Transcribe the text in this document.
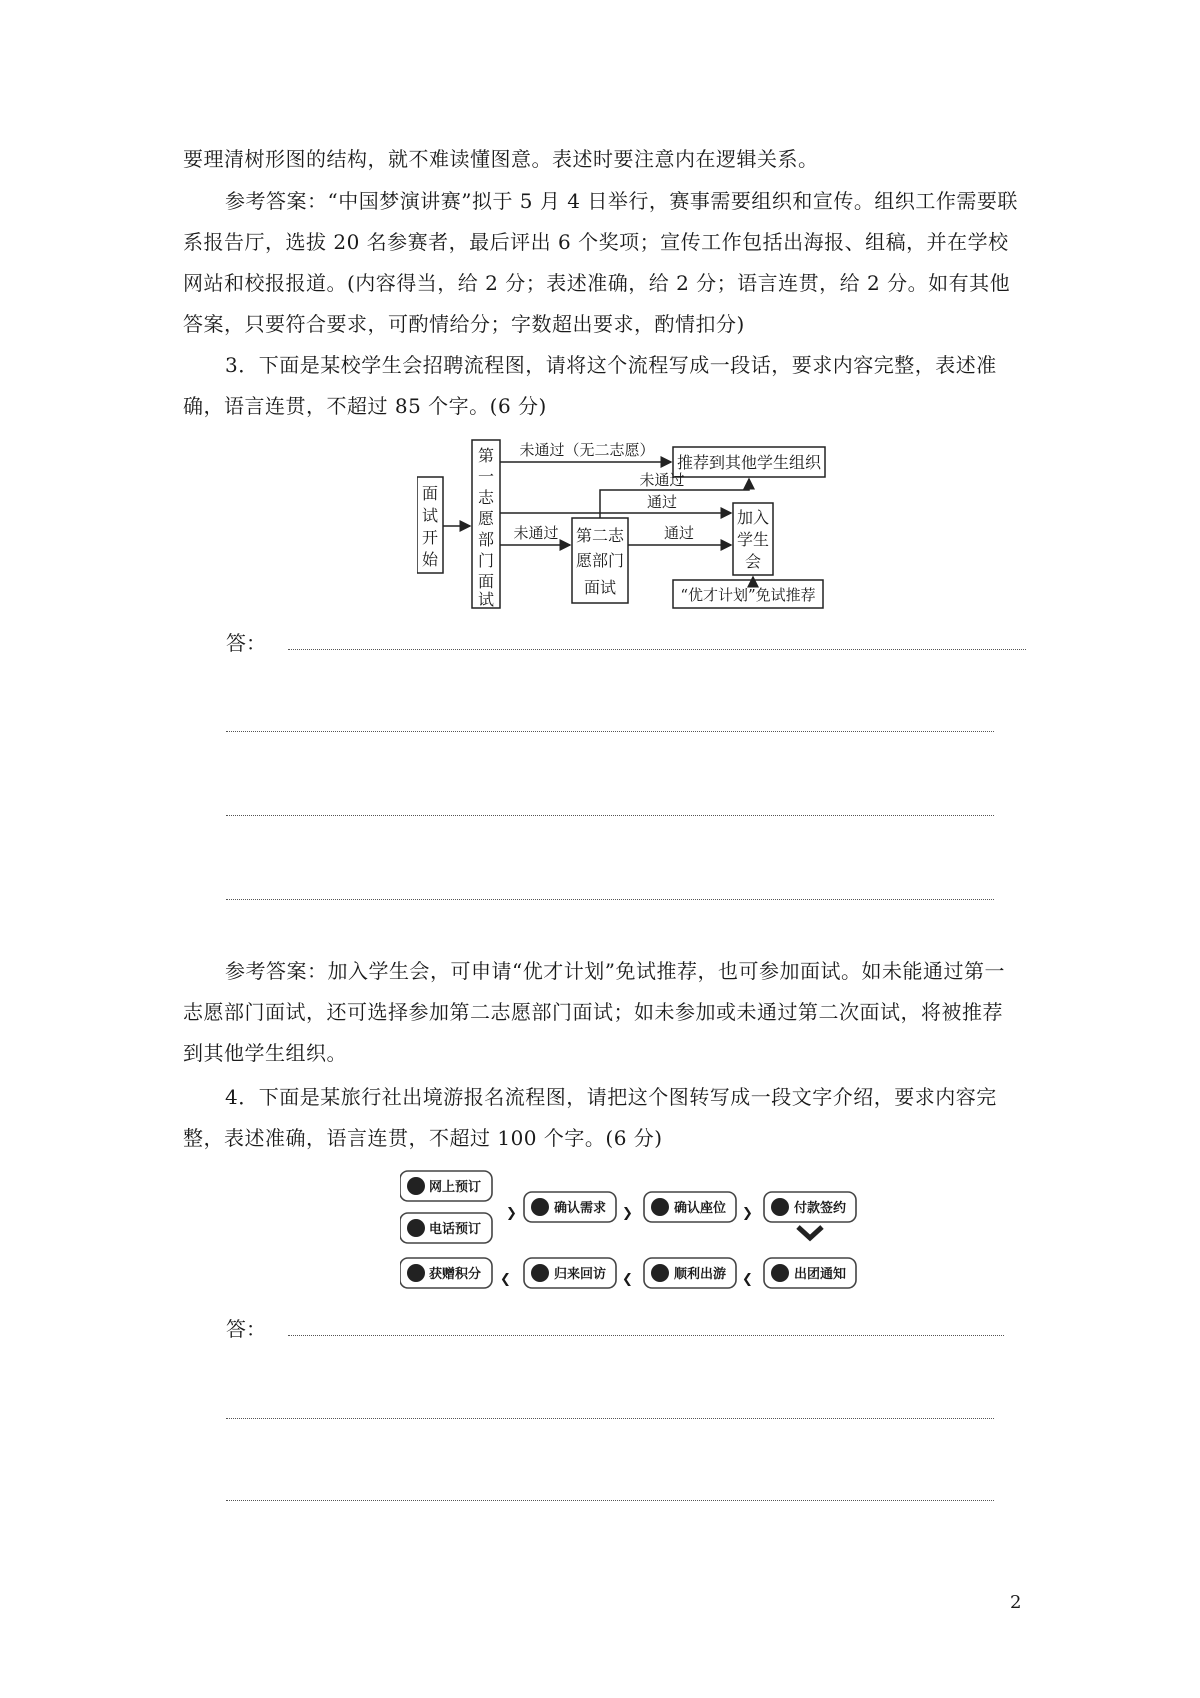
要理清树形图的结构，就不难读懂图意。表述时要注意内在逻辑关系。

参考答案：“中国梦演讲赛”拟于 5 月 4 日举行，赛事需要组织和宣传。组织工作需要联系报告厅，选拔 20 名参赛者，最后评出 6 个奖项；宣传工作包括出海报、组稿，并在学校网站和校报报道。(内容得当，给 2 分；表述准确，给 2 分；语言连贯，给 2 分。如有其他答案，只要符合要求，可酌情给分；字数超出要求，酌情扣分)

3．下面是某校学生会招聘流程图，请将这个流程写成一段话，要求内容完整，表述准确，语言连贯，不超过 85 个字。(6 分)

面
试
开
始
第
一
志
愿
部
门
面
试
推荐到其他学生组织
加入
学生
会
第二志
愿部门
面试	“优才计划”免试推荐
未通过（无二志愿）
未通过
通过
未通过	通过
答：

参考答案：加入学生会，可申请“优才计划”免试推荐，也可参加面试。如未能通过第一志愿部门面试，还可选择参加第二志愿部门面试；如未参加或未通过第二次面试，将被推荐到其他学生组织。

4．下面是某旅行社出境游报名流程图，请把这个图转写成一段文字介绍，要求内容完整，表述准确，语言连贯，不超过 100 个字。(6 分)

网上预订
电话预订
❯	确认需求 ❯	确认座位 ❯	付款签约
获赠积分 ❮	归来回访 ❮	顺利出游 ❮	出团通知
答：
2
